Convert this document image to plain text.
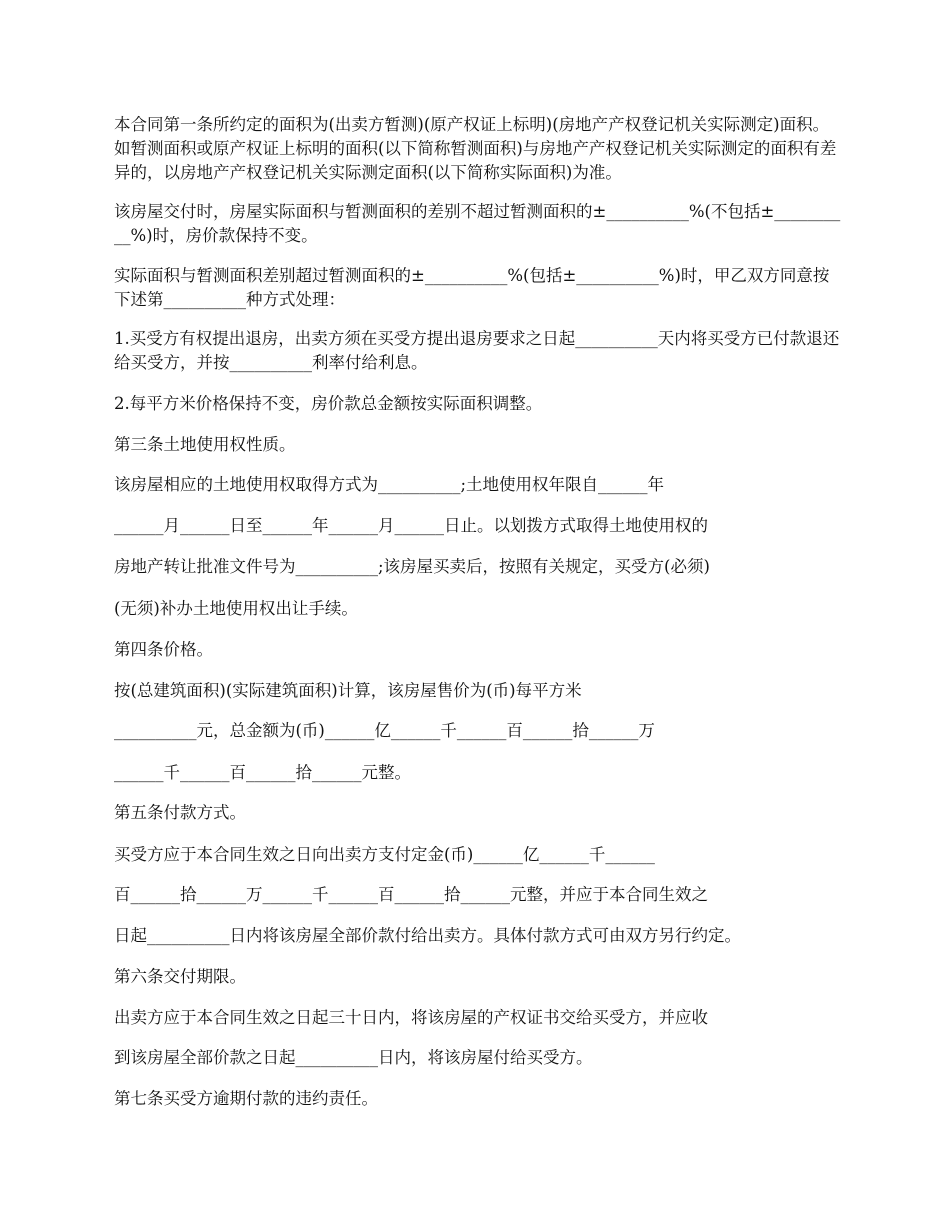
本合同第一条所约定的面积为(出卖方暂测)(原产权证上标明)(房地产产权登记机关实际测定)面积。如暂测面积或原产权证上标明的面积(以下简称暂测面积)与房地产产权登记机关实际测定的面积有差异的，以房地产产权登记机关实际测定面积(以下简称实际面积)为准。

该房屋交付时，房屋实际面积与暂测面积的差别不超过暂测面积的±__________%(不包括±__________%)时，房价款保持不变。

实际面积与暂测面积差别超过暂测面积的±__________%(包括±__________%)时，甲乙双方同意按下述第__________种方式处理：

1.买受方有权提出退房，出卖方须在买受方提出退房要求之日起__________天内将买受方已付款退还给买受方，并按__________利率付给利息。

2.每平方米价格保持不变，房价款总金额按实际面积调整。

第三条土地使用权性质。

该房屋相应的土地使用权取得方式为__________;土地使用权年限自______年

______月______日至______年______月______日止。以划拨方式取得土地使用权的

房地产转让批准文件号为__________;该房屋买卖后，按照有关规定，买受方(必须)

(无须)补办土地使用权出让手续。

第四条价格。

按(总建筑面积)(实际建筑面积)计算，该房屋售价为(币)每平方米

__________元，总金额为(币)______亿______千______百______拾______万

______千______百______拾______元整。

第五条付款方式。

买受方应于本合同生效之日向出卖方支付定金(币)______亿______千______

百______拾______万______千______百______拾______元整，并应于本合同生效之

日起__________日内将该房屋全部价款付给出卖方。具体付款方式可由双方另行约定。

第六条交付期限。

出卖方应于本合同生效之日起三十日内，将该房屋的产权证书交给买受方，并应收

到该房屋全部价款之日起__________日内，将该房屋付给买受方。

第七条买受方逾期付款的违约责任。
